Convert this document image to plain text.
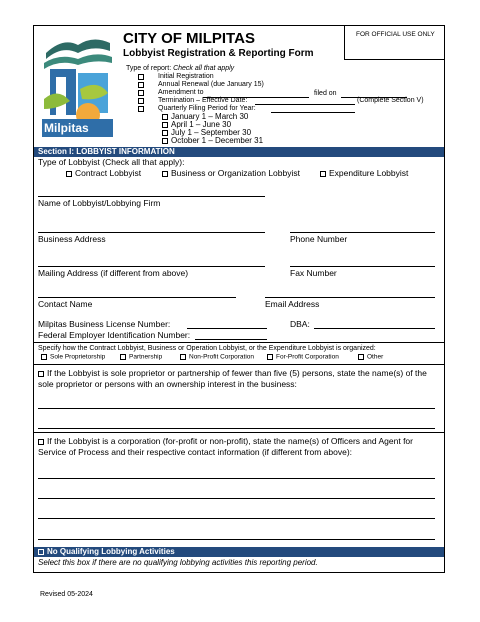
Milpitas
CITY OF MILPITAS
Lobbyist Registration & Reporting Form
FOR OFFICIAL USE ONLY
Type of report: Check all that apply
Initial Registration
Annual Renewal (due January 15)
Amendment to	filed on
Termination – Effective Date:	(Complete Section V)
Quarterly Filing Period for Year:
January 1 – March 30
April 1 – June 30
July 1 – September 30
October 1 – December 31
Section I: LOBBYIST INFORMATION
Type of Lobbyist (Check all that apply):
Contract Lobbyist	Business or Organization Lobbyist	Expenditure Lobbyist
Name of Lobbyist/Lobbying Firm
Business Address	Phone Number
Mailing Address (if different from above)	Fax Number
Contact Name	Email Address
Milpitas Business License Number:	DBA:
Federal Employer Identification Number:
Specify how the Contract Lobbyist, Business or Operation Lobbyist, or the Expenditure Lobbyist is organized:
Sole Proprietorship	Partnership	Non-Profit Corporation	For-Profit Corporation	Other
If the Lobbyist is sole proprietor or partnership of fewer than five (5) persons, state the name(s) of the
sole proprietor or persons with an ownership interest in the business:
If the Lobbyist is a corporation (for-profit or non-profit), state the name(s) of Officers and Agent for
Service of Process and their respective contact information (if different from above):
No Qualifying Lobbying Activities
Select this box if there are no qualifying lobbying activities this reporting period.
Revised 05-2024
